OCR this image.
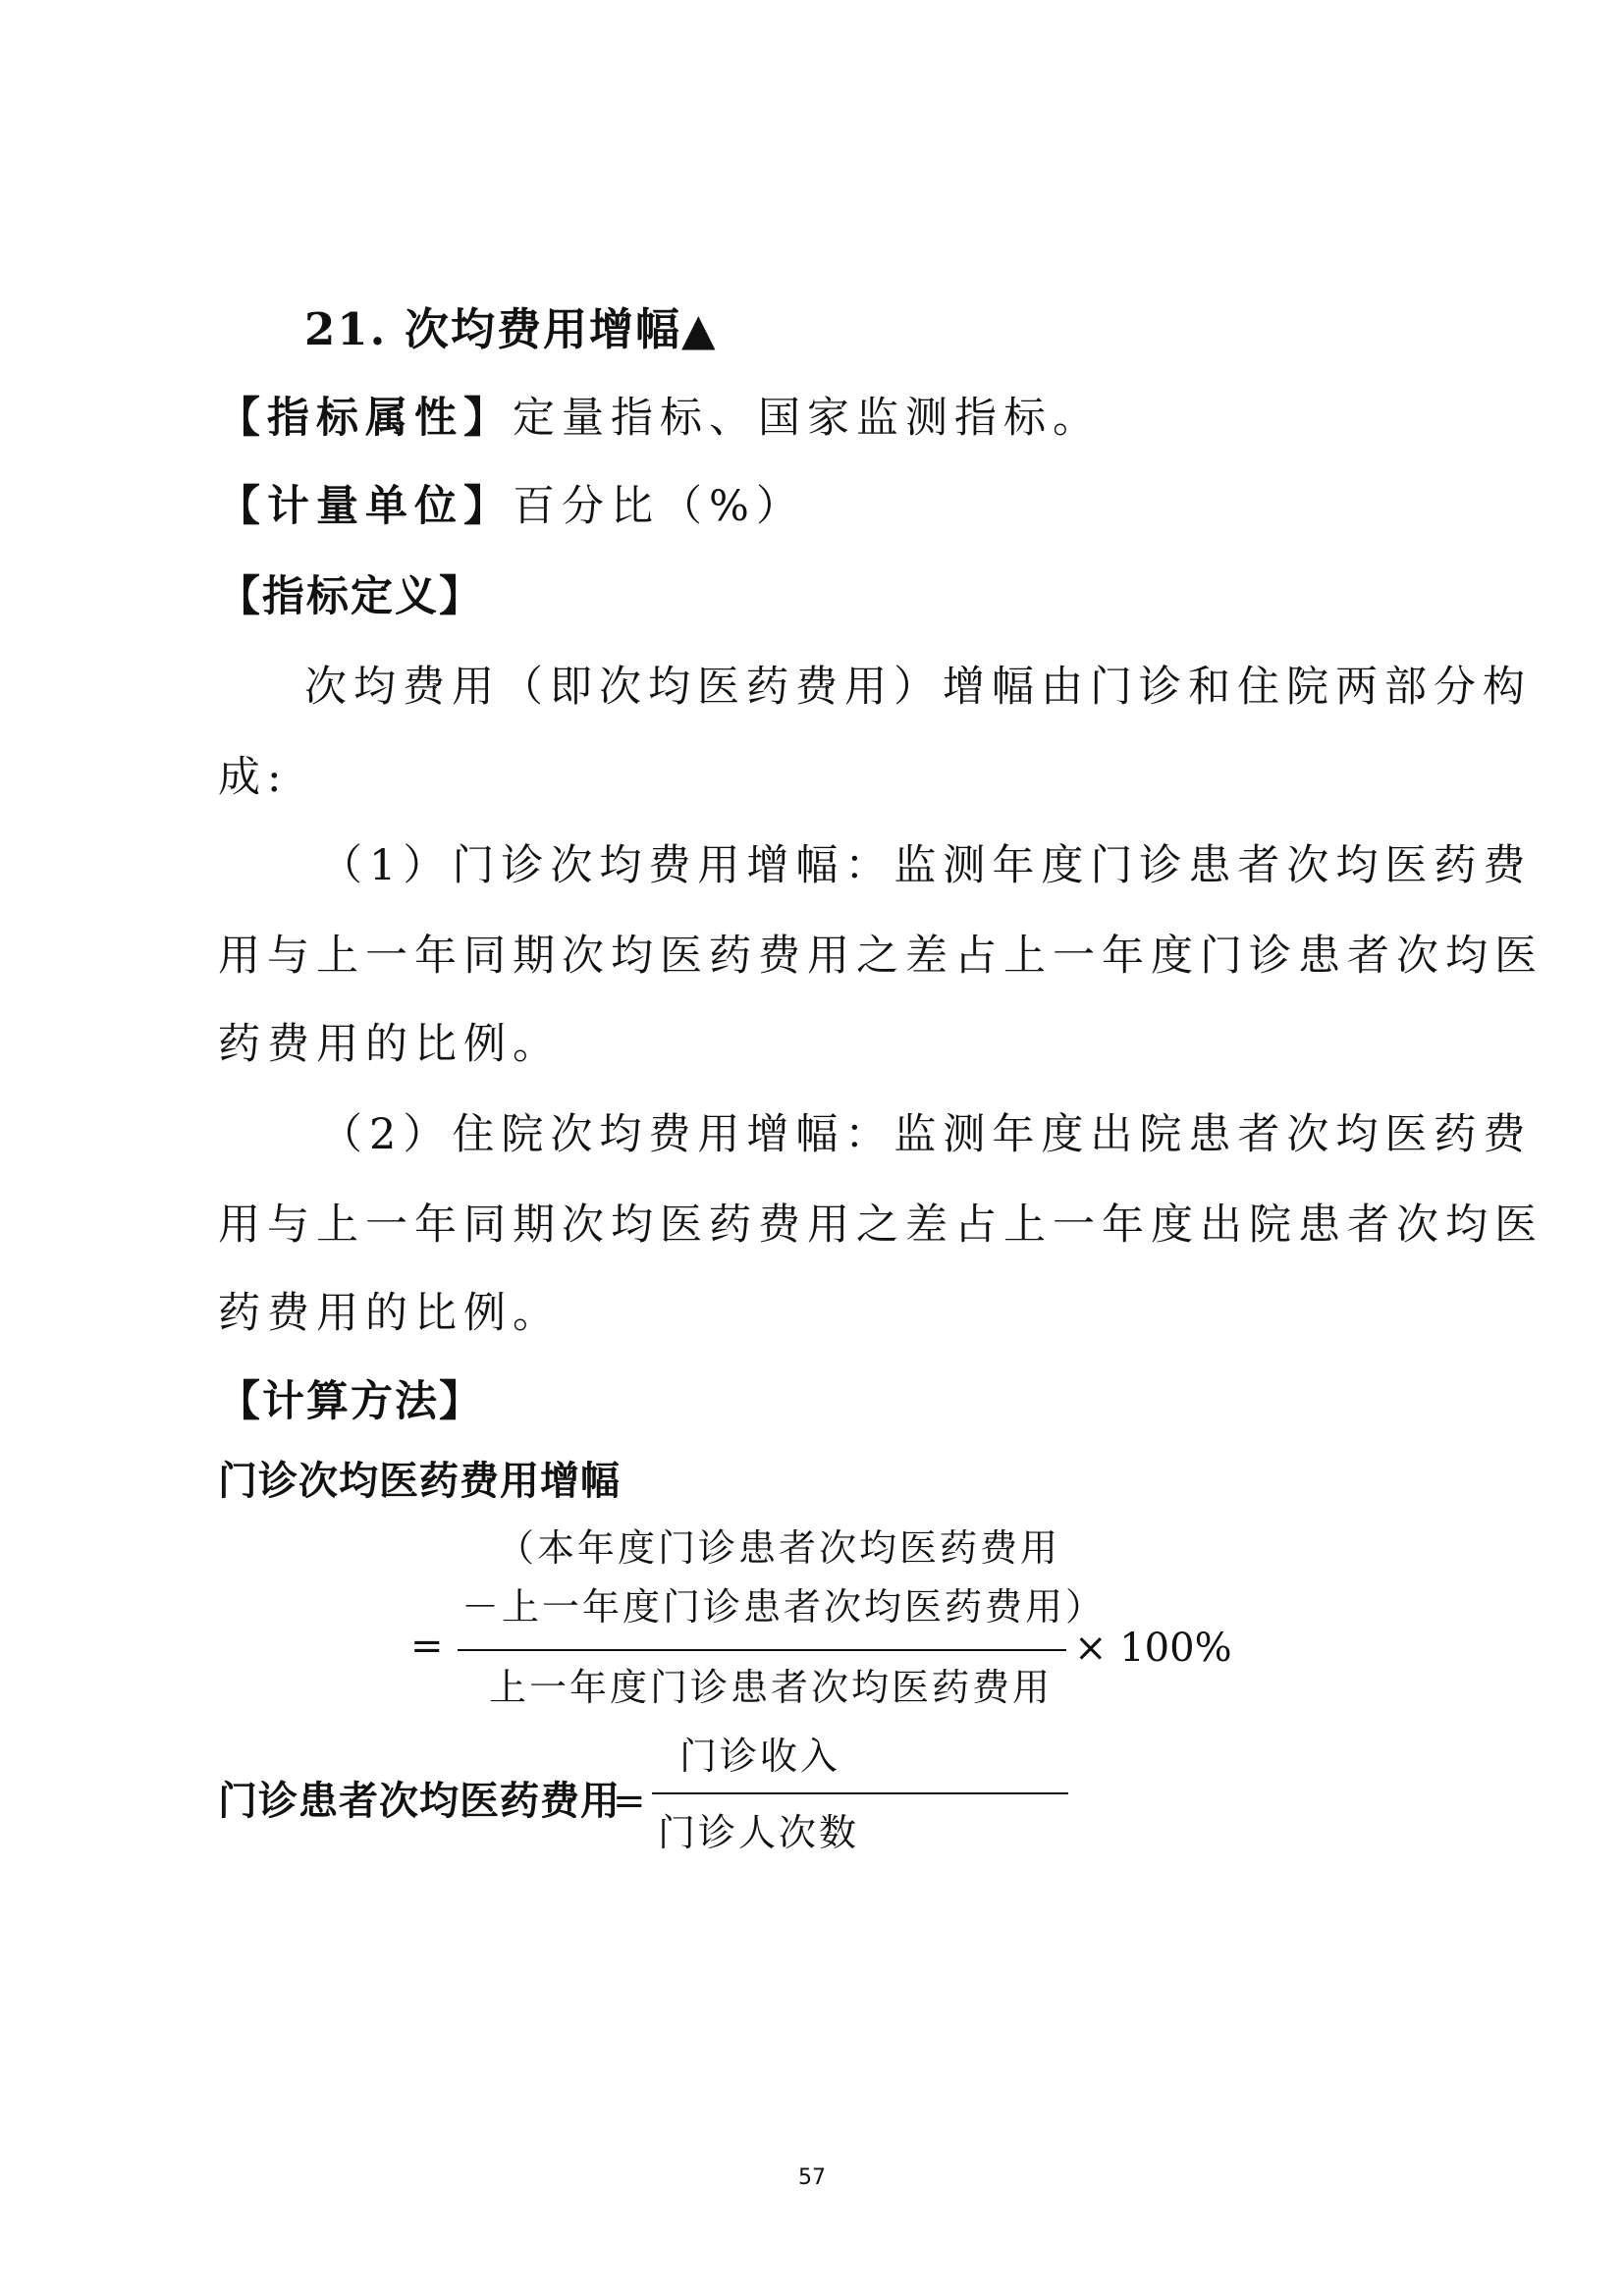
21. 次均费用增幅▲
【指标属性】定量指标、国家监测指标。
【计量单位】百分比（%）
【指标定义】
次均费用（即次均医药费用）增幅由门诊和住院两部分构
成:
（1）门诊次均费用增幅：监测年度门诊患者次均医药费
用与上一年同期次均医药费用之差占上一年度门诊患者次均医
药费用的比例。
（2）住院次均费用增幅：监测年度出院患者次均医药费
用与上一年同期次均医药费用之差占上一年度出院患者次均医
药费用的比例。
【计算方法】
门诊次均医药费用增幅
=
（本年度门诊患者次均医药费用
－上一年度门诊患者次均医药费用）
上一年度门诊患者次均医药费用
× 100%
门诊患者次均医药费用
=
门诊收入
门诊人次数
57
